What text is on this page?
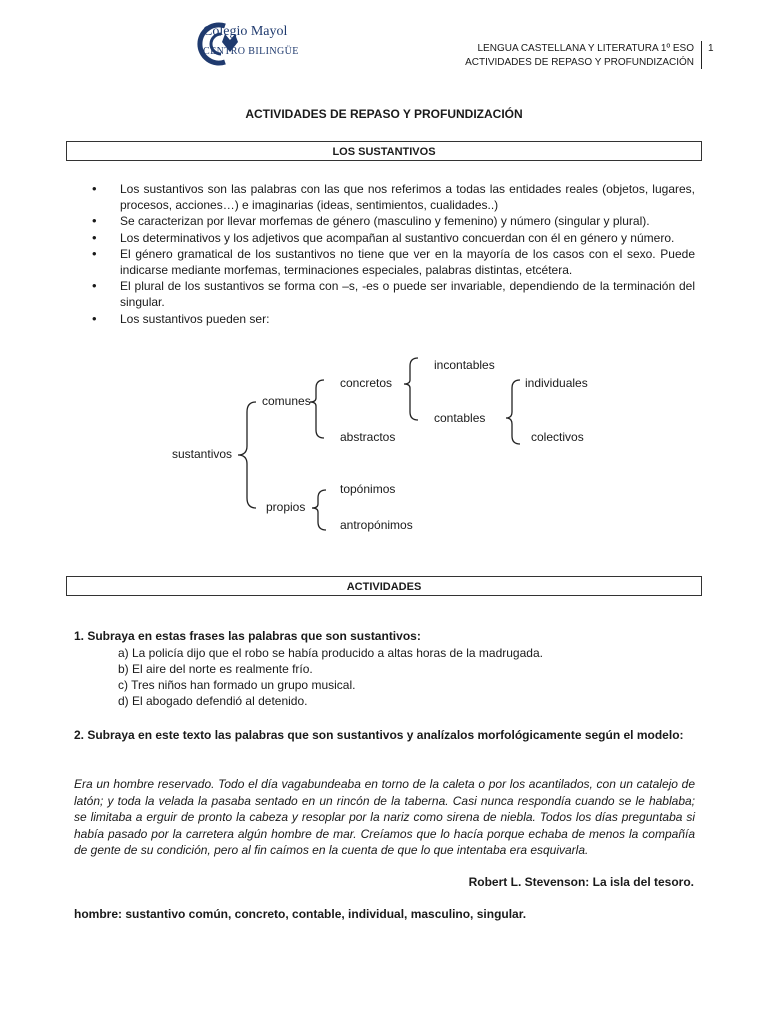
Colegio Mayol
CENTRO BILINGÜE	LENGUA CASTELLANA Y LITERATURA 1º ESO
ACTIVIDADES DE REPASO Y PROFUNDIZACIÓN
1
ACTIVIDADES DE REPASO Y PROFUNDIZACIÓN
LOS SUSTANTIVOS
• Los sustantivos son las palabras con las que nos referimos a todas las entidades reales (objetos, lugares, procesos, acciones…) e imaginarias (ideas, sentimientos, cualidades..)
• Se caracterizan por llevar morfemas de género (masculino y femenino) y número (singular y plural).
• Los determinativos y los adjetivos que acompañan al sustantivo concuerdan con él en género y número.
• El género gramatical de los sustantivos no tiene que ver en la mayoría de los casos con el sexo. Puede indicarse mediante morfemas, terminaciones especiales, palabras distintas, etcétera.
• El plural de los sustantivos se forma con –s, -es o puede ser invariable, dependiendo de la terminación del singular.
• Los sustantivos pueden ser:
sustantivos
comunes
propios
concretos
abstractos
incontables
contables
individuales
colectivos
topónimos
antropónimos
ACTIVIDADES
1. Subraya en estas frases las palabras que son sustantivos:
a) La policía dijo que el robo se había producido a altas horas de la madrugada.
b) El aire del norte es realmente frío.
c) Tres niños han formado un grupo musical.
d) El abogado defendió al detenido.
2. Subraya en este texto las palabras que son sustantivos y analízalos morfológicamente según el modelo:
Era un hombre reservado. Todo el día vagabundeaba en torno de la caleta o por los acantilados, con un catalejo de latón; y toda la velada la pasaba sentado en un rincón de la taberna. Casi nunca respondía cuando se le hablaba; se limitaba a erguir de pronto la cabeza y resoplar por la nariz como sirena de niebla. Todos los días preguntaba si había pasado por la carretera algún hombre de mar. Creíamos que lo hacía porque echaba de menos la compañía de gente de su condición, pero al fin caímos en la cuenta de que lo que intentaba era esquivarla.
Robert L. Stevenson: La isla del tesoro.
hombre: sustantivo común, concreto, contable, individual, masculino, singular.
